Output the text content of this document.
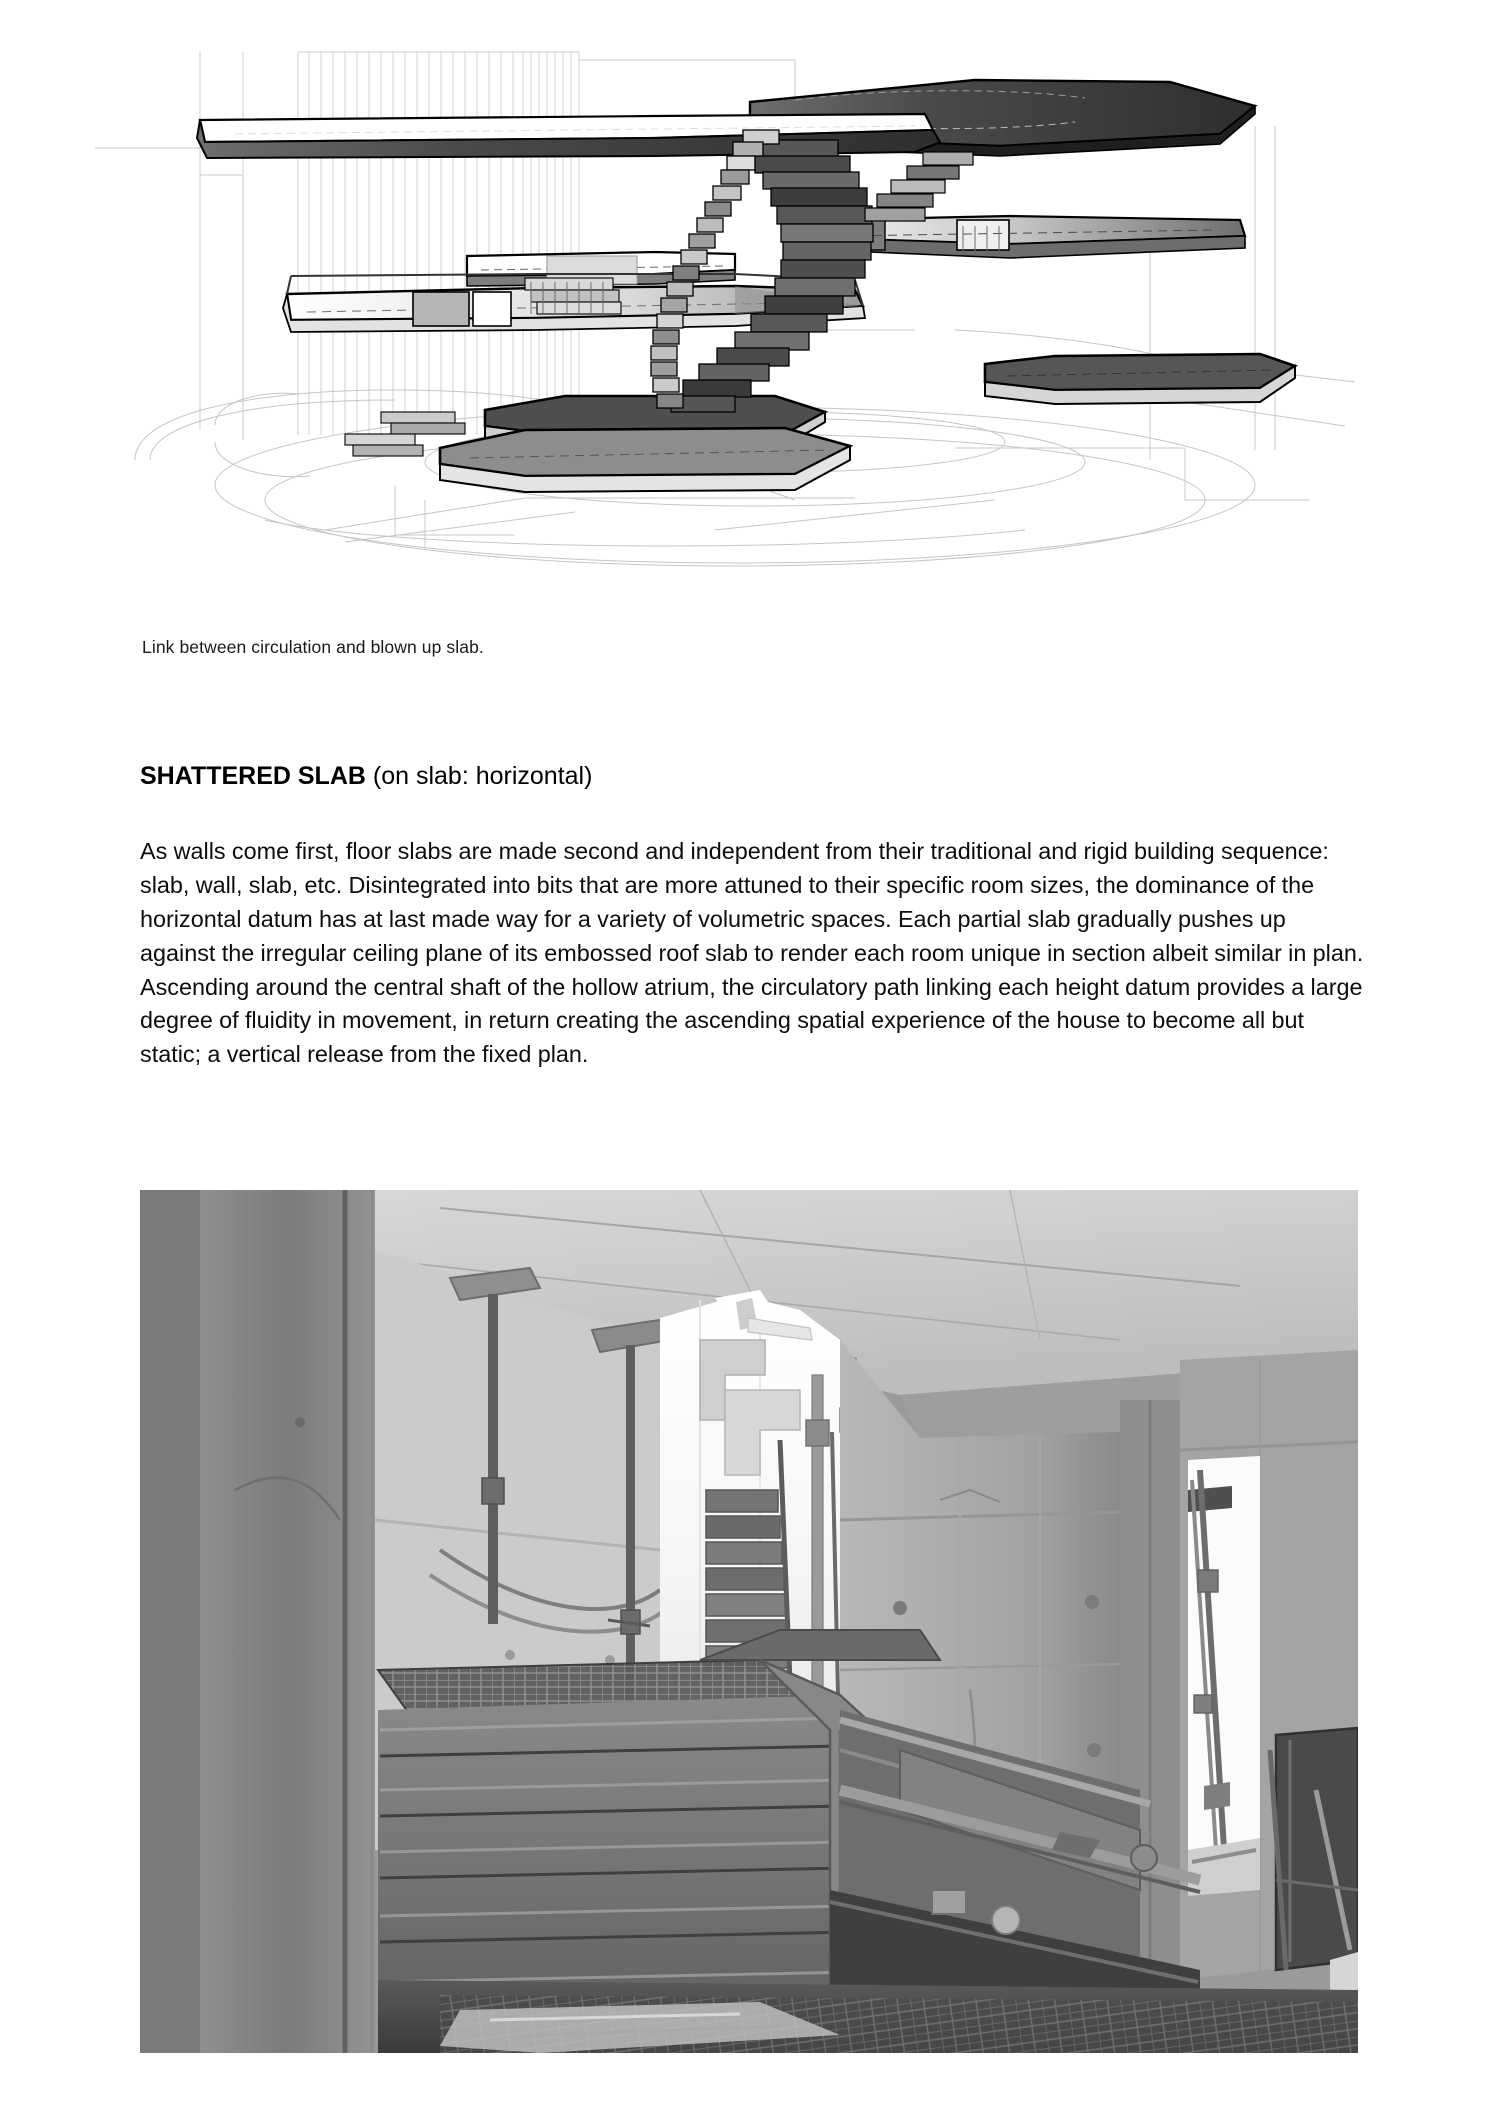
Link between circulation and blown up slab.
SHATTERED SLAB (on slab: horizontal)

As walls come first, floor slabs are made second and independent from their traditional and rigid building sequence: slab, wall, slab, etc. Disintegrated into bits that are more attuned to their specific room sizes, the dominance of the horizontal datum has at last made way for a variety of volumetric spaces. Each partial slab gradually pushes up against the irregular ceiling plane of its embossed roof slab to render each room unique in section albeit similar in plan. Ascending around the central shaft of the hollow atrium, the circulatory path linking each height datum provides a large degree of fluidity in movement, in return creating the ascending spatial experience of the house to become all but static; a vertical release from the fixed plan.
